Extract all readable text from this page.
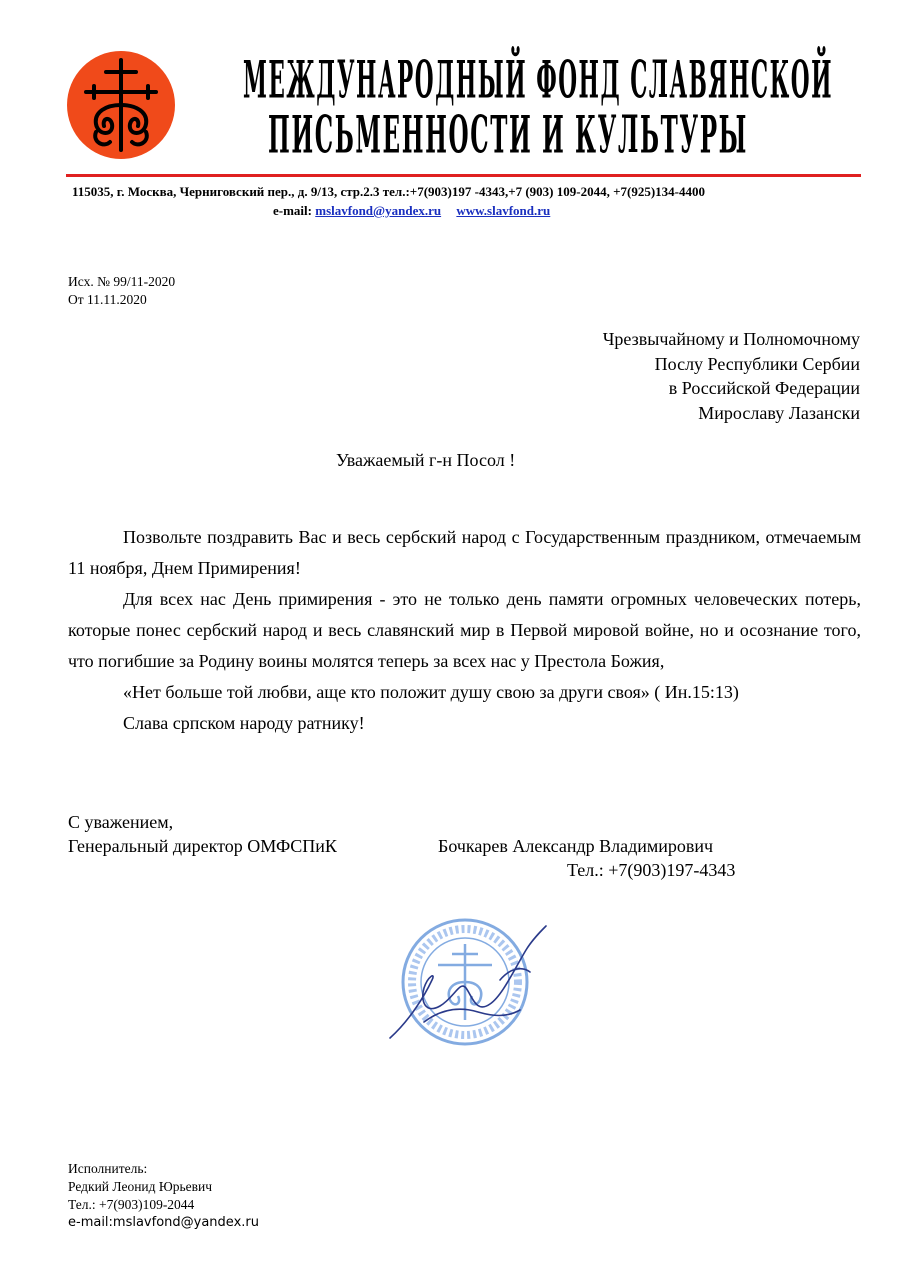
МЕЖДУНАРОДНЫЙ ФОНД СЛАВЯНСКОЙ
ПИСЬМЕННОСТИ И КУЛЬТУРЫ
115035, г. Москва, Черниговский пер., д. 9/13, стр.2.3 тел.:+7(903)197 -4343,+7 (903) 109-2044, +7(925)134-4400
e-mail: mslavfond@yandex.ru www.slavfond.ru
Исх. № 99/11-2020
От 11.11.2020
Чрезвычайному и Полномочному
Послу Республики Сербии
в Российской Федерации
Мирославу Лазански
Уважаемый г-н Посол !

Позвольте поздравить Вас и весь сербский народ с Государственным праздником, отмечаемым 11 ноября, Днем Примирения!

Для всех нас День примирения - это не только день памяти огромных человеческих потерь, которые понес сербский народ и весь славянский мир в Первой мировой войне, но и осознание того, что погибшие за Родину воины молятся теперь за всех нас у Престола Божия,

«Нет больше той любви, аще кто положит душу свою за други своя» ( Ин.15:13)

Слава српском народу ратнику!

С уважением,
Генеральный директор ОМФСПиК	Бочкарев Александр Владимирович
Тел.: +7(903)197-4343
Исполнитель:
Редкий Леонид Юрьевич
Тел.: +7(903)109-2044
e-mail:mslavfond@yandex.ru
